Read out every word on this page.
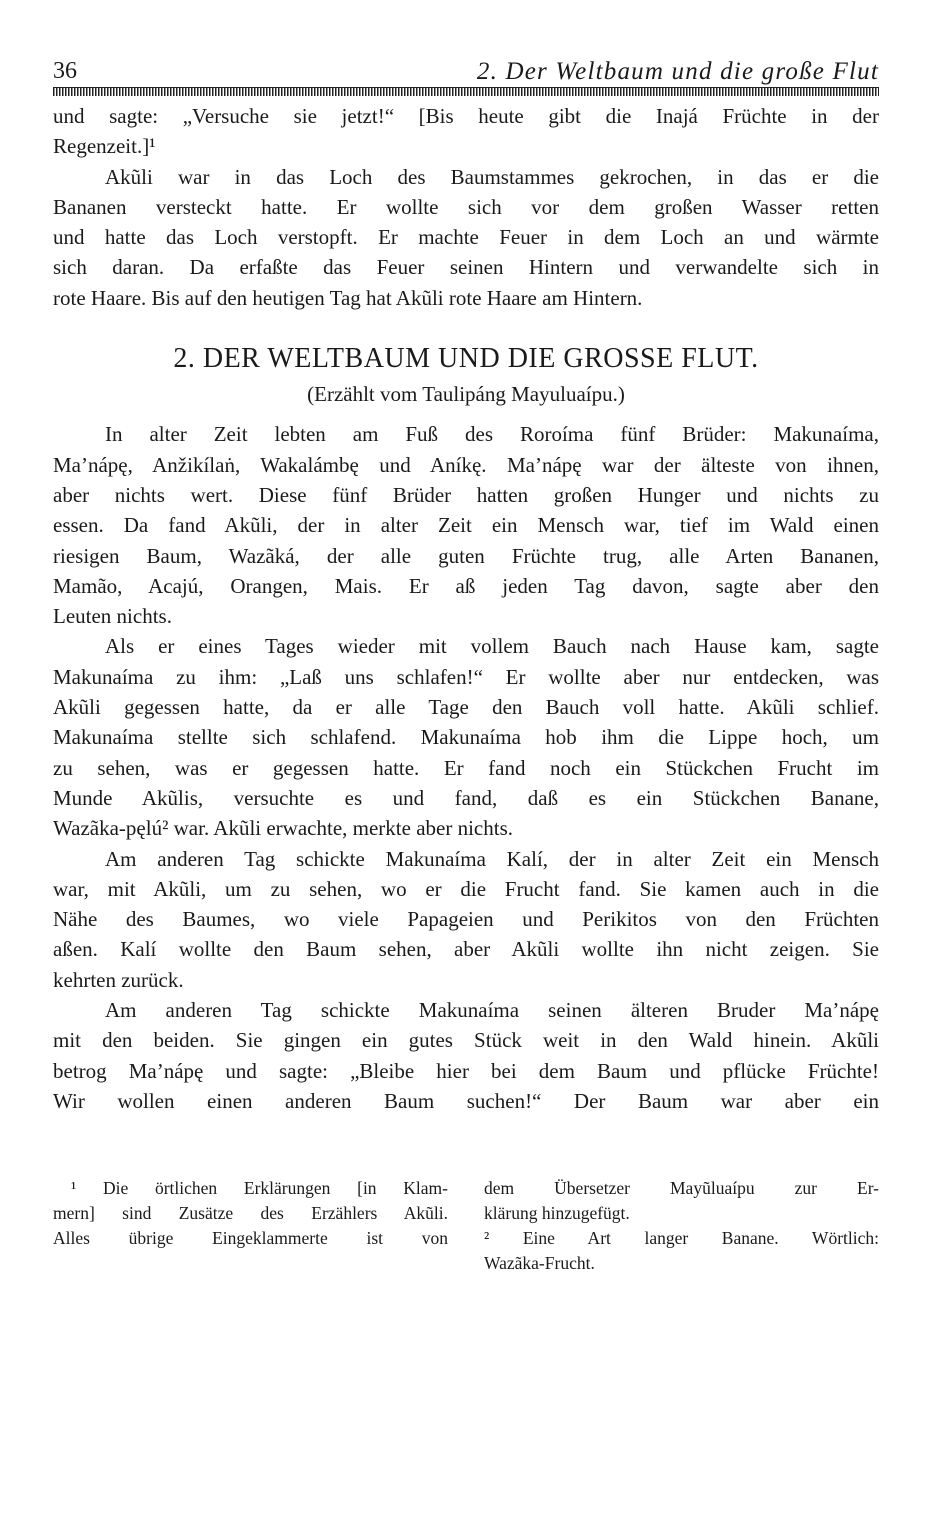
36	2. Der Weltbaum und die große Flut

und sagte: „Versuche sie jetzt!“ [Bis heute gibt die Inajá Früchte in der
Regenzeit.]¹

Akũli war in das Loch des Baumstammes gekrochen, in das er die
Bananen versteckt hatte. Er wollte sich vor dem großen Wasser retten
und hatte das Loch verstopft. Er machte Feuer in dem Loch an und wärmte
sich daran. Da erfaßte das Feuer seinen Hintern und verwandelte sich in
rote Haare. Bis auf den heutigen Tag hat Akũli rote Haare am Hintern.

2. DER WELTBAUM UND DIE GROSSE FLUT.
(Erzählt vom Taulipáng Mayuluaípu.)

In alter Zeit lebten am Fuß des Roroíma fünf Brüder: Makunaíma,
Ma’nápę, Anžikílaṅ, Wakalámbę und Aníkę. Ma’nápę war der älteste von ihnen,
aber nichts wert. Diese fünf Brüder hatten großen Hunger und nichts zu
essen. Da fand Akũli, der in alter Zeit ein Mensch war, tief im Wald einen
riesigen Baum, Wazãká, der alle guten Früchte trug, alle Arten Bananen,
Mamão, Acajú, Orangen, Mais. Er aß jeden Tag davon, sagte aber den
Leuten nichts.

Als er eines Tages wieder mit vollem Bauch nach Hause kam, sagte
Makunaíma zu ihm: „Laß uns schlafen!“ Er wollte aber nur entdecken, was
Akũli gegessen hatte, da er alle Tage den Bauch voll hatte. Akũli schlief.
Makunaíma stellte sich schlafend. Makunaíma hob ihm die Lippe hoch, um
zu sehen, was er gegessen hatte. Er fand noch ein Stückchen Frucht im
Munde Akũlis, versuchte es und fand, daß es ein Stückchen Banane,
Wazãka-pęlú² war. Akũli erwachte, merkte aber nichts.

Am anderen Tag schickte Makunaíma Kalí, der in alter Zeit ein Mensch
war, mit Akũli, um zu sehen, wo er die Frucht fand. Sie kamen auch in die
Nähe des Baumes, wo viele Papageien und Perikitos von den Früchten
aßen. Kalí wollte den Baum sehen, aber Akũli wollte ihn nicht zeigen. Sie
kehrten zurück.

Am anderen Tag schickte Makunaíma seinen älteren Bruder Ma’nápę
mit den beiden. Sie gingen ein gutes Stück weit in den Wald hinein. Akũli
betrog Ma’nápę und sagte: „Bleibe hier bei dem Baum und pflücke Früchte!
Wir wollen einen anderen Baum suchen!“ Der Baum war aber ein

¹ Die örtlichen Erklärungen [in Klam-
mern] sind Zusätze des Erzählers Akũli.
Alles übrige Eingeklammerte ist von
dem Übersetzer Mayũluaípu zur Er-
klärung hinzugefügt.
² Eine Art langer Banane. Wörtlich:
Wazãka-Frucht.
